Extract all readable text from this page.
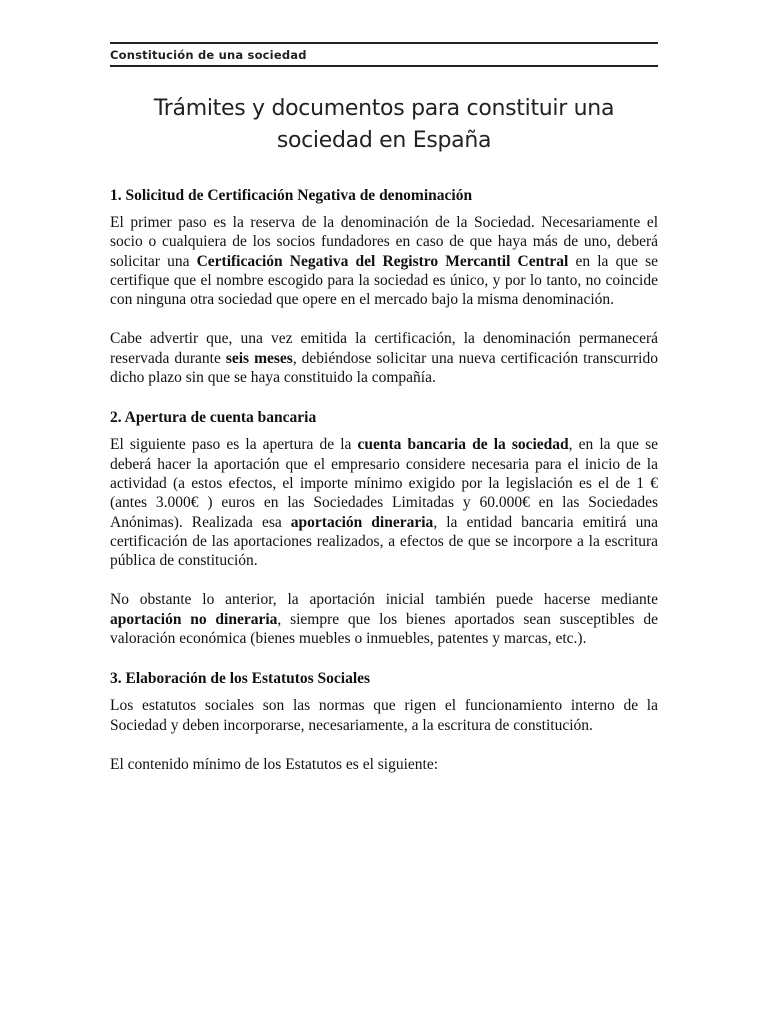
Constitución de una sociedad
Trámites y documentos para constituir una
sociedad en España
1. Solicitud de Certificación Negativa de denominación

El primer paso es la reserva de la denominación de la Sociedad. Necesariamente el socio o cualquiera de los socios fundadores en caso de que haya más de uno, deberá solicitar una Certificación Negativa del Registro Mercantil Central en la que se certifique que el nombre escogido para la sociedad es único, y por lo tanto, no coincide con ninguna otra sociedad que opere en el mercado bajo la misma denominación.

Cabe advertir que, una vez emitida la certificación, la denominación permanecerá reservada durante seis meses, debiéndose solicitar una nueva certificación transcurrido dicho plazo sin que se haya constituido la compañía.

2. Apertura de cuenta bancaria

El siguiente paso es la apertura de la cuenta bancaria de la sociedad, en la que se deberá hacer la aportación que el empresario considere necesaria para el inicio de la actividad (a estos efectos, el importe mínimo exigido por la legislación es el de 1 € (antes 3.000€ ) euros en las Sociedades Limitadas y 60.000€ en las Sociedades Anónimas). Realizada esa aportación dineraria, la entidad bancaria emitirá una certificación de las aportaciones realizados, a efectos de que se incorpore a la escritura pública de constitución.

No obstante lo anterior, la aportación inicial también puede hacerse mediante aportación no dineraria, siempre que los bienes aportados sean susceptibles de valoración económica (bienes muebles o inmuebles, patentes y marcas, etc.).

3. Elaboración de los Estatutos Sociales

Los estatutos sociales son las normas que rigen el funcionamiento interno de la Sociedad y deben incorporarse, necesariamente, a la escritura de constitución.

El contenido mínimo de los Estatutos es el siguiente:
